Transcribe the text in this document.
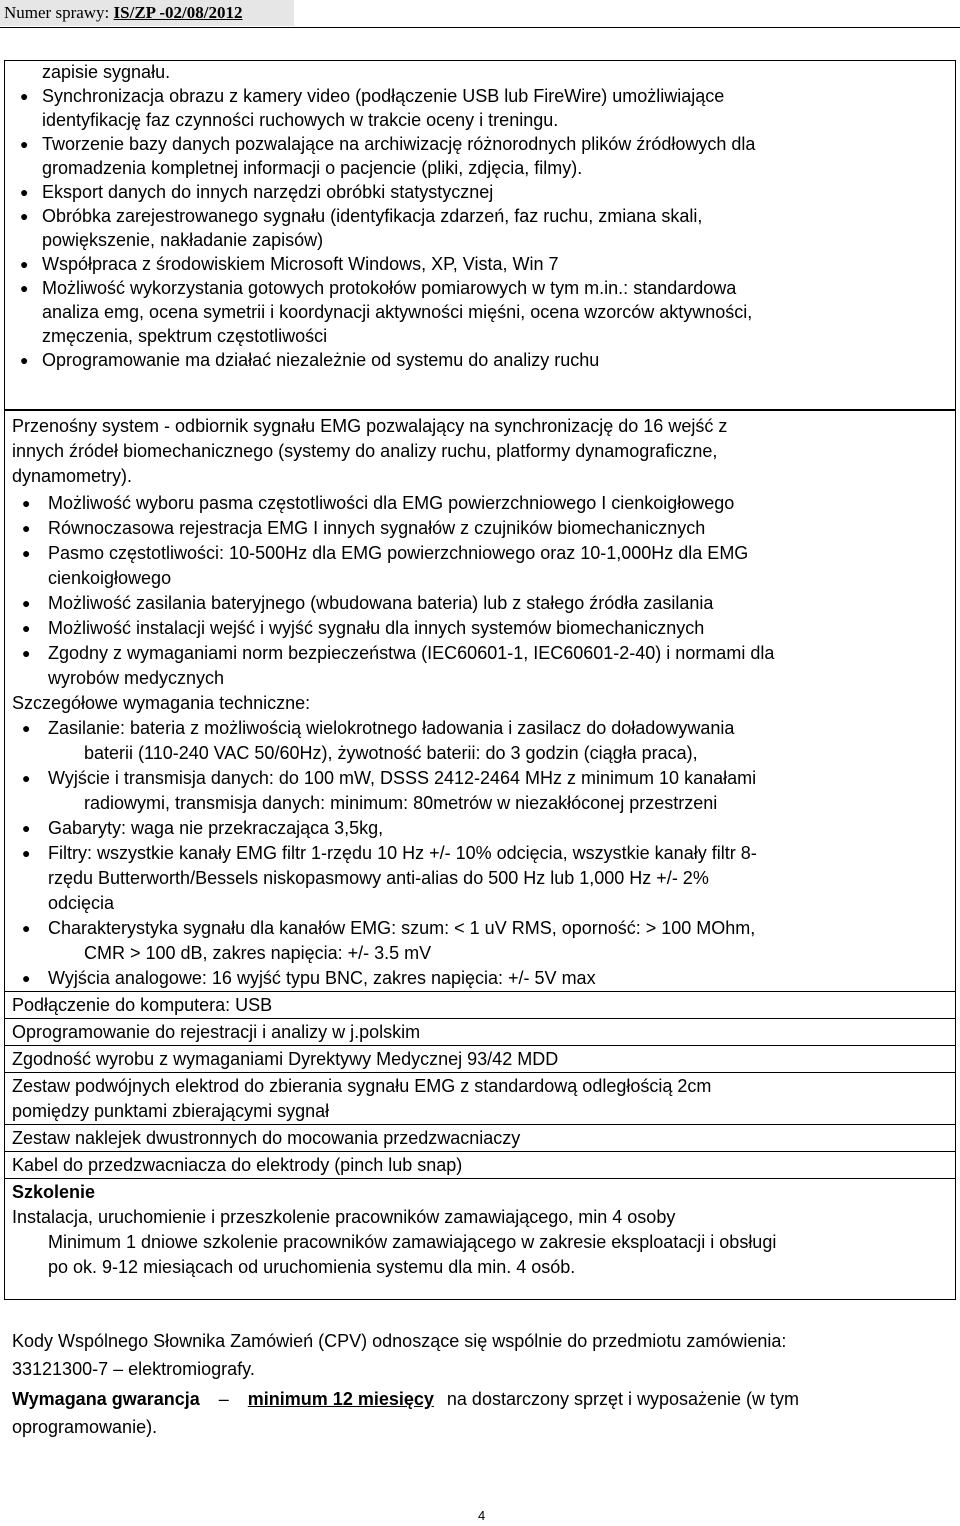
Numer sprawy: IS/ZP -02/08/2012
zapisie sygnału.
● Synchronizacja obrazu z kamery video (podłączenie USB lub FireWire) umożliwiające
identyfikację faz czynności ruchowych w trakcie oceny i treningu.
● Tworzenie bazy danych pozwalające na archiwizację różnorodnych plików źródłowych dla
gromadzenia kompletnej informacji o pacjencie (pliki, zdjęcia, filmy).
● Eksport danych do innych narzędzi obróbki statystycznej
● Obróbka zarejestrowanego sygnału (identyfikacja zdarzeń, faz ruchu, zmiana skali,
powiększenie, nakładanie zapisów)
● Współpraca z środowiskiem Microsoft Windows, XP, Vista, Win 7
● Możliwość wykorzystania gotowych protokołów pomiarowych w tym m.in.: standardowa
analiza emg, ocena symetrii i koordynacji aktywności mięśni, ocena wzorców aktywności,
zmęczenia, spektrum częstotliwości
● Oprogramowanie ma działać niezależnie od systemu do analizy ruchu
Przenośny system - odbiornik sygnału EMG pozwalający na synchronizację do 16 wejść z
innych źródeł biomechanicznego (systemy do analizy ruchu, platformy dynamograficzne,
dynamometry).
● Możliwość wyboru pasma częstotliwości dla EMG powierzchniowego I cienkoigłowego
● Równoczasowa rejestracja EMG I innych sygnałów z czujników biomechanicznych
● Pasmo częstotliwości: 10-500Hz dla EMG powierzchniowego oraz 10-1,000Hz dla EMG
cienkoigłowego
● Możliwość zasilania bateryjnego (wbudowana bateria) lub z stałego źródła zasilania
● Możliwość instalacji wejść i wyjść sygnału dla innych systemów biomechanicznych
● Zgodny z wymaganiami norm bezpieczeństwa (IEC60601-1, IEC60601-2-40) i normami dla
wyrobów medycznych
Szczegółowe wymagania techniczne:
● Zasilanie: bateria z możliwością wielokrotnego ładowania i zasilacz do doładowywania
baterii (110-240 VAC 50/60Hz), żywotność baterii: do 3 godzin (ciągła praca),
● Wyjście i transmisja danych: do 100 mW, DSSS 2412-2464 MHz z minimum 10 kanałami
radiowymi, transmisja danych: minimum: 80metrów w niezakłóconej przestrzeni
● Gabaryty: waga nie przekraczająca 3,5kg,
● Filtry: wszystkie kanały EMG filtr 1-rzędu 10 Hz +/- 10% odcięcia, wszystkie kanały filtr 8-
rzędu Butterworth/Bessels niskopasmowy anti-alias do 500 Hz lub 1,000 Hz +/- 2%
odcięcia
● Charakterystyka sygnału dla kanałów EMG: szum: < 1 uV RMS, oporność: > 100 MOhm,
CMR > 100 dB, zakres napięcia: +/- 3.5 mV
● Wyjścia analogowe: 16 wyjść typu BNC, zakres napięcia: +/- 5V max
Podłączenie do komputera: USB
Oprogramowanie do rejestracji i analizy w j.polskim
Zgodność wyrobu z wymaganiami Dyrektywy Medycznej 93/42 MDD
Zestaw podwójnych elektrod do zbierania sygnału EMG z standardową odległością 2cm
pomiędzy punktami zbierającymi sygnał
Zestaw naklejek dwustronnych do mocowania przedzwacniaczy
Kabel do przedzwacniacza do elektrody (pinch lub snap)
Szkolenie
Instalacja, uruchomienie i przeszkolenie pracowników zamawiającego, min 4 osoby
Minimum 1 dniowe szkolenie pracowników zamawiającego w zakresie eksploatacji i obsługi
po ok. 9-12 miesiącach od uruchomienia systemu dla min. 4 osób.
Kody Wspólnego Słownika Zamówień (CPV) odnoszące się wspólnie do przedmiotu zamówienia:
33121300-7 – elektromiografy.
Wymagana gwarancja – minimum 12 miesięcy na dostarczony sprzęt i wyposażenie (w tym
oprogramowanie).
4
